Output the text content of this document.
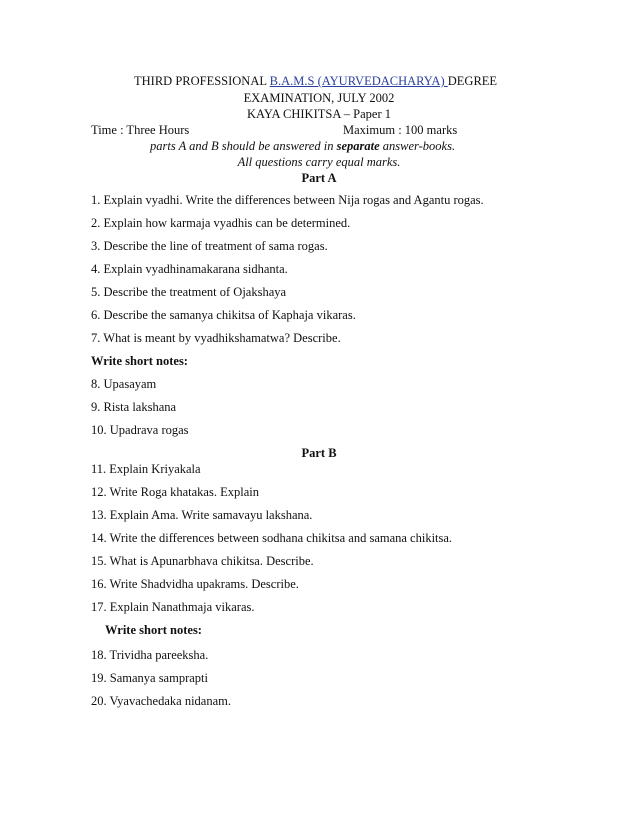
THIRD PROFESSIONAL B.A.M.S (AYURVEDACHARYA) DEGREE
EXAMINATION, JULY 2002
KAYA CHIKITSA – Paper 1
Time : Three Hours	Maximum : 100 marks
parts A and B should be answered in separate answer-books.
All questions carry equal marks.
Part A
1. Explain vyadhi. Write the differences between Nija rogas and Agantu rogas.
2. Explain how karmaja vyadhis can be determined.
3. Describe the line of treatment of sama rogas.
4. Explain vyadhinamakarana sidhanta.
5. Describe the treatment of Ojakshaya
6. Describe the samanya chikitsa of Kaphaja vikaras.
7. What is meant by vyadhikshamatwa? Describe.
Write short notes:
8. Upasayam
9. Rista lakshana
10. Upadrava rogas
Part B
11. Explain Kriyakala
12. Write Roga khatakas. Explain
13. Explain Ama. Write samavayu lakshana.
14. Write the differences between sodhana chikitsa and samana chikitsa.
15. What is Apunarbhava chikitsa. Describe.
16. Write Shadvidha upakrams. Describe.
17. Explain Nanathmaja vikaras.
Write short notes:
18. Trividha pareeksha.
19. Samanya samprapti
20. Vyavachedaka nidanam.
